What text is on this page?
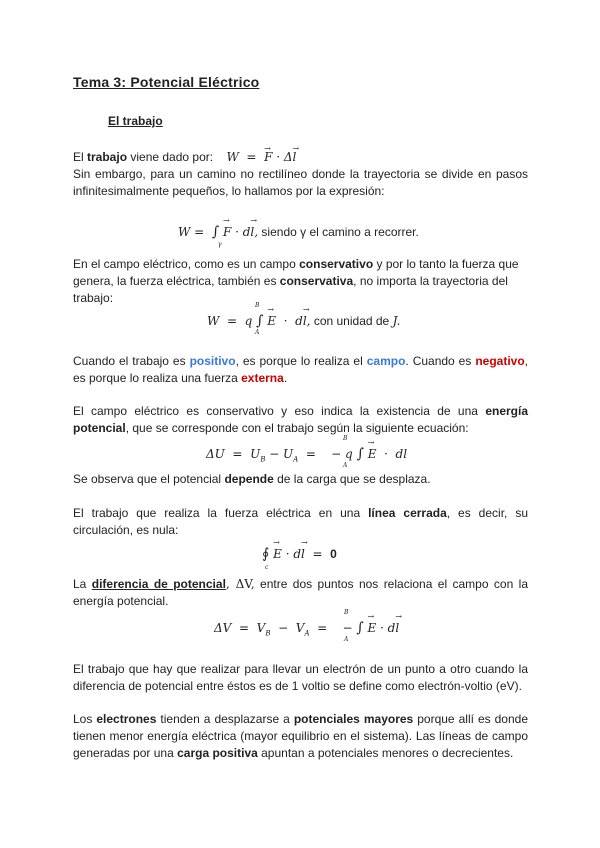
Tema 3: Potencial Eléctrico
El trabajo
El trabajo viene dado por: W  =  → F · Δ→ l
Sin embargo, para un camino no rectilíneo donde la trayectoria se divide en pasos
infinitesimalmente pequeños, lo hallamos por la expresión:
W = ∫
γ
→ F · d→ l, siendo γ el camino a recorrer.
En el campo eléctrico, como es un campo conservativo y por lo tanto la fuerza que
genera, la fuerza eléctrica, también es conservativa, no importa la trayectoria del
trabajo:
W  =  q
B
∫
A
→ E  ·  d→ l, con unidad de J.
Cuando el trabajo es positivo, es porque lo realiza el campo. Cuando es negativo,
es porque lo realiza una fuerza externa.
El campo eléctrico es conservativo y eso indica la existencia de una energía
potencial, que se corresponde con el trabajo según la siguiente ecuación:
$\Delta U = U_B - U_A$  =    − q
B
∫
A
→ E  ·  dl
Se observa que el potencial depende de la carga que se desplaza.
El trabajo que realiza la fuerza eléctrica en una línea cerrada, es decir, su
circulación, es nula:
∮
c
→ E · d→ l  =  0
La diferencia de potencial, ΔV, entre dos puntos nos relaciona el campo con la
energía potencial.
$\Delta V = V_B - V_A$  =    −
B
∫
A
→ E · d→ l
El trabajo que hay que realizar para llevar un electrón de un punto a otro cuando la
diferencia de potencial entre éstos es de 1 voltio se define como electrón-voltio (eV).
Los electrones tienden a desplazarse a potenciales mayores porque allí es donde
tienen menor energía eléctrica (mayor equilibrio en el sistema). Las líneas de campo
generadas por una carga positiva apuntan a potenciales menores o decrecientes.
